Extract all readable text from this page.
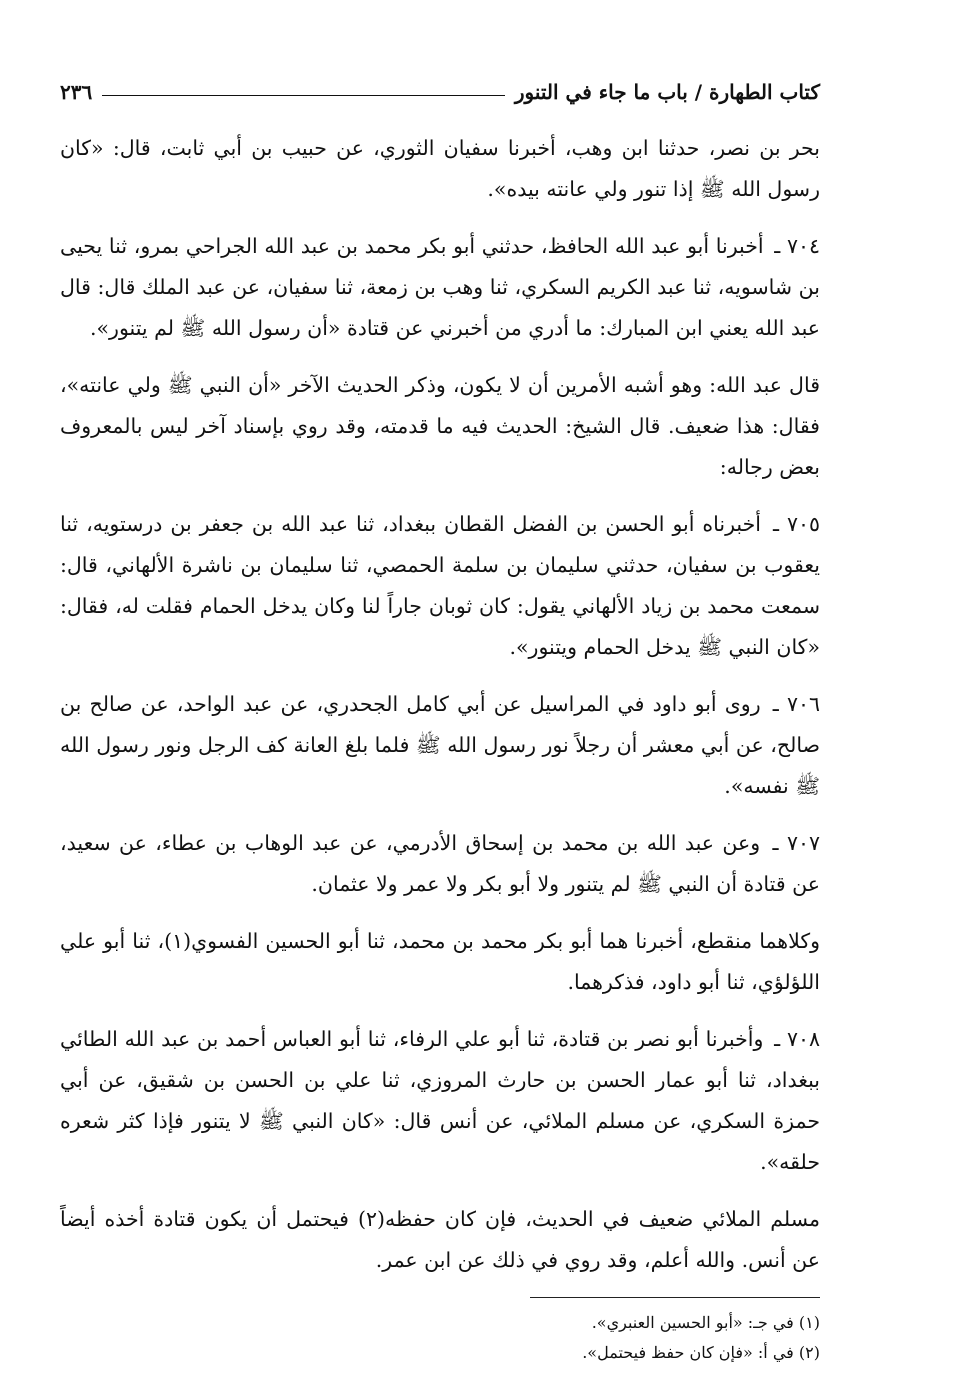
كتاب الطهارة / باب ما جاء في التنور
٢٣٦

بحر بن نصر، حدثنا ابن وهب، أخبرنا سفيان الثوري، عن حبيب بن أبي ثابت، قال: «كان رسول الله ﷺ إذا تنور ولي عانته بيده».

٧٠٤ ـ أخبرنا أبو عبد الله الحافظ، حدثني أبو بكر محمد بن عبد الله الجراحي بمرو، ثنا يحيى بن شاسويه، ثنا عبد الكريم السكري، ثنا وهب بن زمعة، ثنا سفيان، عن عبد الملك قال: قال عبد الله يعني ابن المبارك: ما أدري من أخبرني عن قتادة «أن رسول الله ﷺ لم يتنور».

قال عبد الله: وهو أشبه الأمرين أن لا يكون، وذكر الحديث الآخر «أن النبي ﷺ ولي عانته»، فقال: هذا ضعيف. قال الشيخ: الحديث فيه ما قدمته، وقد روي بإسناد آخر ليس بالمعروف بعض رجاله:

٧٠٥ ـ أخبرناه أبو الحسن بن الفضل القطان ببغداد، ثنا عبد الله بن جعفر بن درستويه، ثنا يعقوب بن سفيان، حدثني سليمان بن سلمة الحمصي، ثنا سليمان بن ناشرة الألهاني، قال: سمعت محمد بن زياد الألهاني يقول: كان ثوبان جاراً لنا وكان يدخل الحمام فقلت له، فقال: «كان النبي ﷺ يدخل الحمام ويتنور».

٧٠٦ ـ روى أبو داود في المراسيل عن أبي كامل الجحدري، عن عبد الواحد، عن صالح بن صالح، عن أبي معشر أن رجلاً نور رسول الله ﷺ فلما بلغ العانة كف الرجل ونور رسول الله ﷺ نفسه».

٧٠٧ ـ وعن عبد الله بن محمد بن إسحاق الأدرمي، عن عبد الوهاب بن عطاء، عن سعيد، عن قتادة أن النبي ﷺ لم يتنور ولا أبو بكر ولا عمر ولا عثمان.

وكلاهما منقطع، أخبرنا هما أبو بكر محمد بن محمد، ثنا أبو الحسين الفسوي(١)، ثنا أبو علي اللؤلؤي، ثنا أبو داود، فذكرهما.

٧٠٨ ـ وأخبرنا أبو نصر بن قتادة، ثنا أبو علي الرفاء، ثنا أبو العباس أحمد بن عبد الله الطائي ببغداد، ثنا أبو عمار الحسن بن حارث المروزي، ثنا علي بن الحسن بن شقيق، عن أبي حمزة السكري، عن مسلم الملائي، عن أنس قال: «كان النبي ﷺ لا يتنور فإذا كثر شعره حلقه».

مسلم الملائي ضعيف في الحديث، فإن كان حفظه(٢) فيحتمل أن يكون قتادة أخذه أيضاً عن أنس. والله أعلم، وقد روي في ذلك عن ابن عمر.

(١) في جـ: «أبو الحسين العنبري».

(٢) في أ: «فإن كان حفظ فيحتمل».
